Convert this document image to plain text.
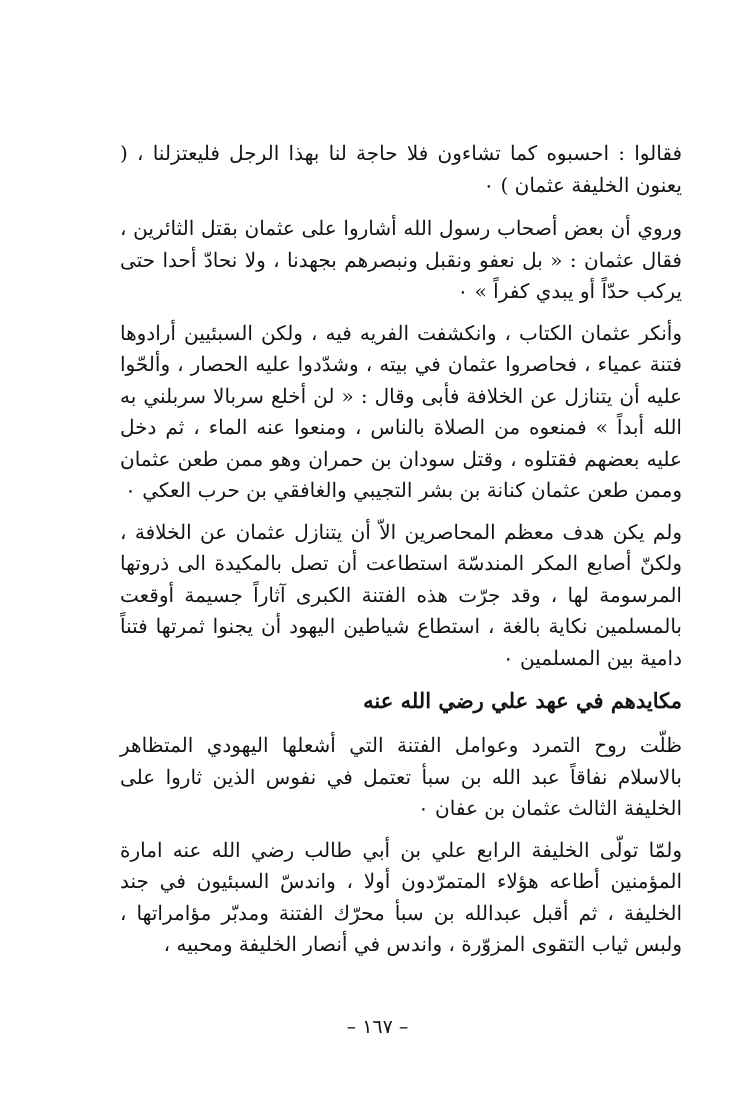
فقالوا : احسبوه كما تشاءون فلا حاجة لنا بهذا الرجل فليعتزلنا ، ( يعنون الخليفة عثمان ) ٠

وروي أن بعض أصحاب رسول الله أشاروا على عثمان بقتل الثائرين ، فقال عثمان : « بل نعفو ونقبل ونبصرهم بجهدنا ، ولا نحادّ أحدا حتى يركب حدّاً أو يبدي كفراً » ٠

وأنكر عثمان الكتاب ، وانكشفت الفريه فيه ، ولكن السبئيين أرادوها فتنة عمياء ، فحاصروا عثمان في بيته ، وشدّدوا عليه الحصار ، وألحّوا عليه أن يتنازل عن الخلافة فأبى وقال : « لن أخلع سربالا سربلني به الله أبداً » فمنعوه من الصلاة بالناس ، ومنعوا عنه الماء ، ثم دخل عليه بعضهم فقتلوه ، وقتل سودان بن حمران وهو ممن طعن عثمان وممن طعن عثمان كنانة بن بشر التجيبي والغافقي بن حرب العكي ٠

ولم يكن هدف معظم المحاصرين الاّ أن يتنازل عثمان عن الخلافة ، ولكنّ أصابع المكر المندسّة استطاعت أن تصل بالمكيدة الى ذروتها المرسومة لها ، وقد جرّت هذه الفتنة الكبرى آثاراً جسيمة أوقعت بالمسلمين نكاية بالغة ، استطاع شياطين اليهود أن يجنوا ثمرتها فتناً دامية بين المسلمين ٠

مكايدهم في عهد علي رضي الله عنه

ظلّت روح التمرد وعوامل الفتنة التي أشعلها اليهودي المتظاهر بالاسلام نفاقاً عبد الله بن سبأ تعتمل في نفوس الذين ثاروا على الخليفة الثالث عثمان بن عفان ٠

ولمّا تولّى الخليفة الرابع علي بن أبي طالب رضي الله عنه امارة المؤمنين أطاعه هؤلاء المتمرّدون أولا ، واندسّ السبئيون في جند الخليفة ، ثم أقبل عبدالله بن سبأ محرّك الفتنة ومدبّر مؤامراتها ، ولبس ثياب التقوى المزوّرة ، واندس في أنصار الخليفة ومحبيه ،

– ١٦٧ –
